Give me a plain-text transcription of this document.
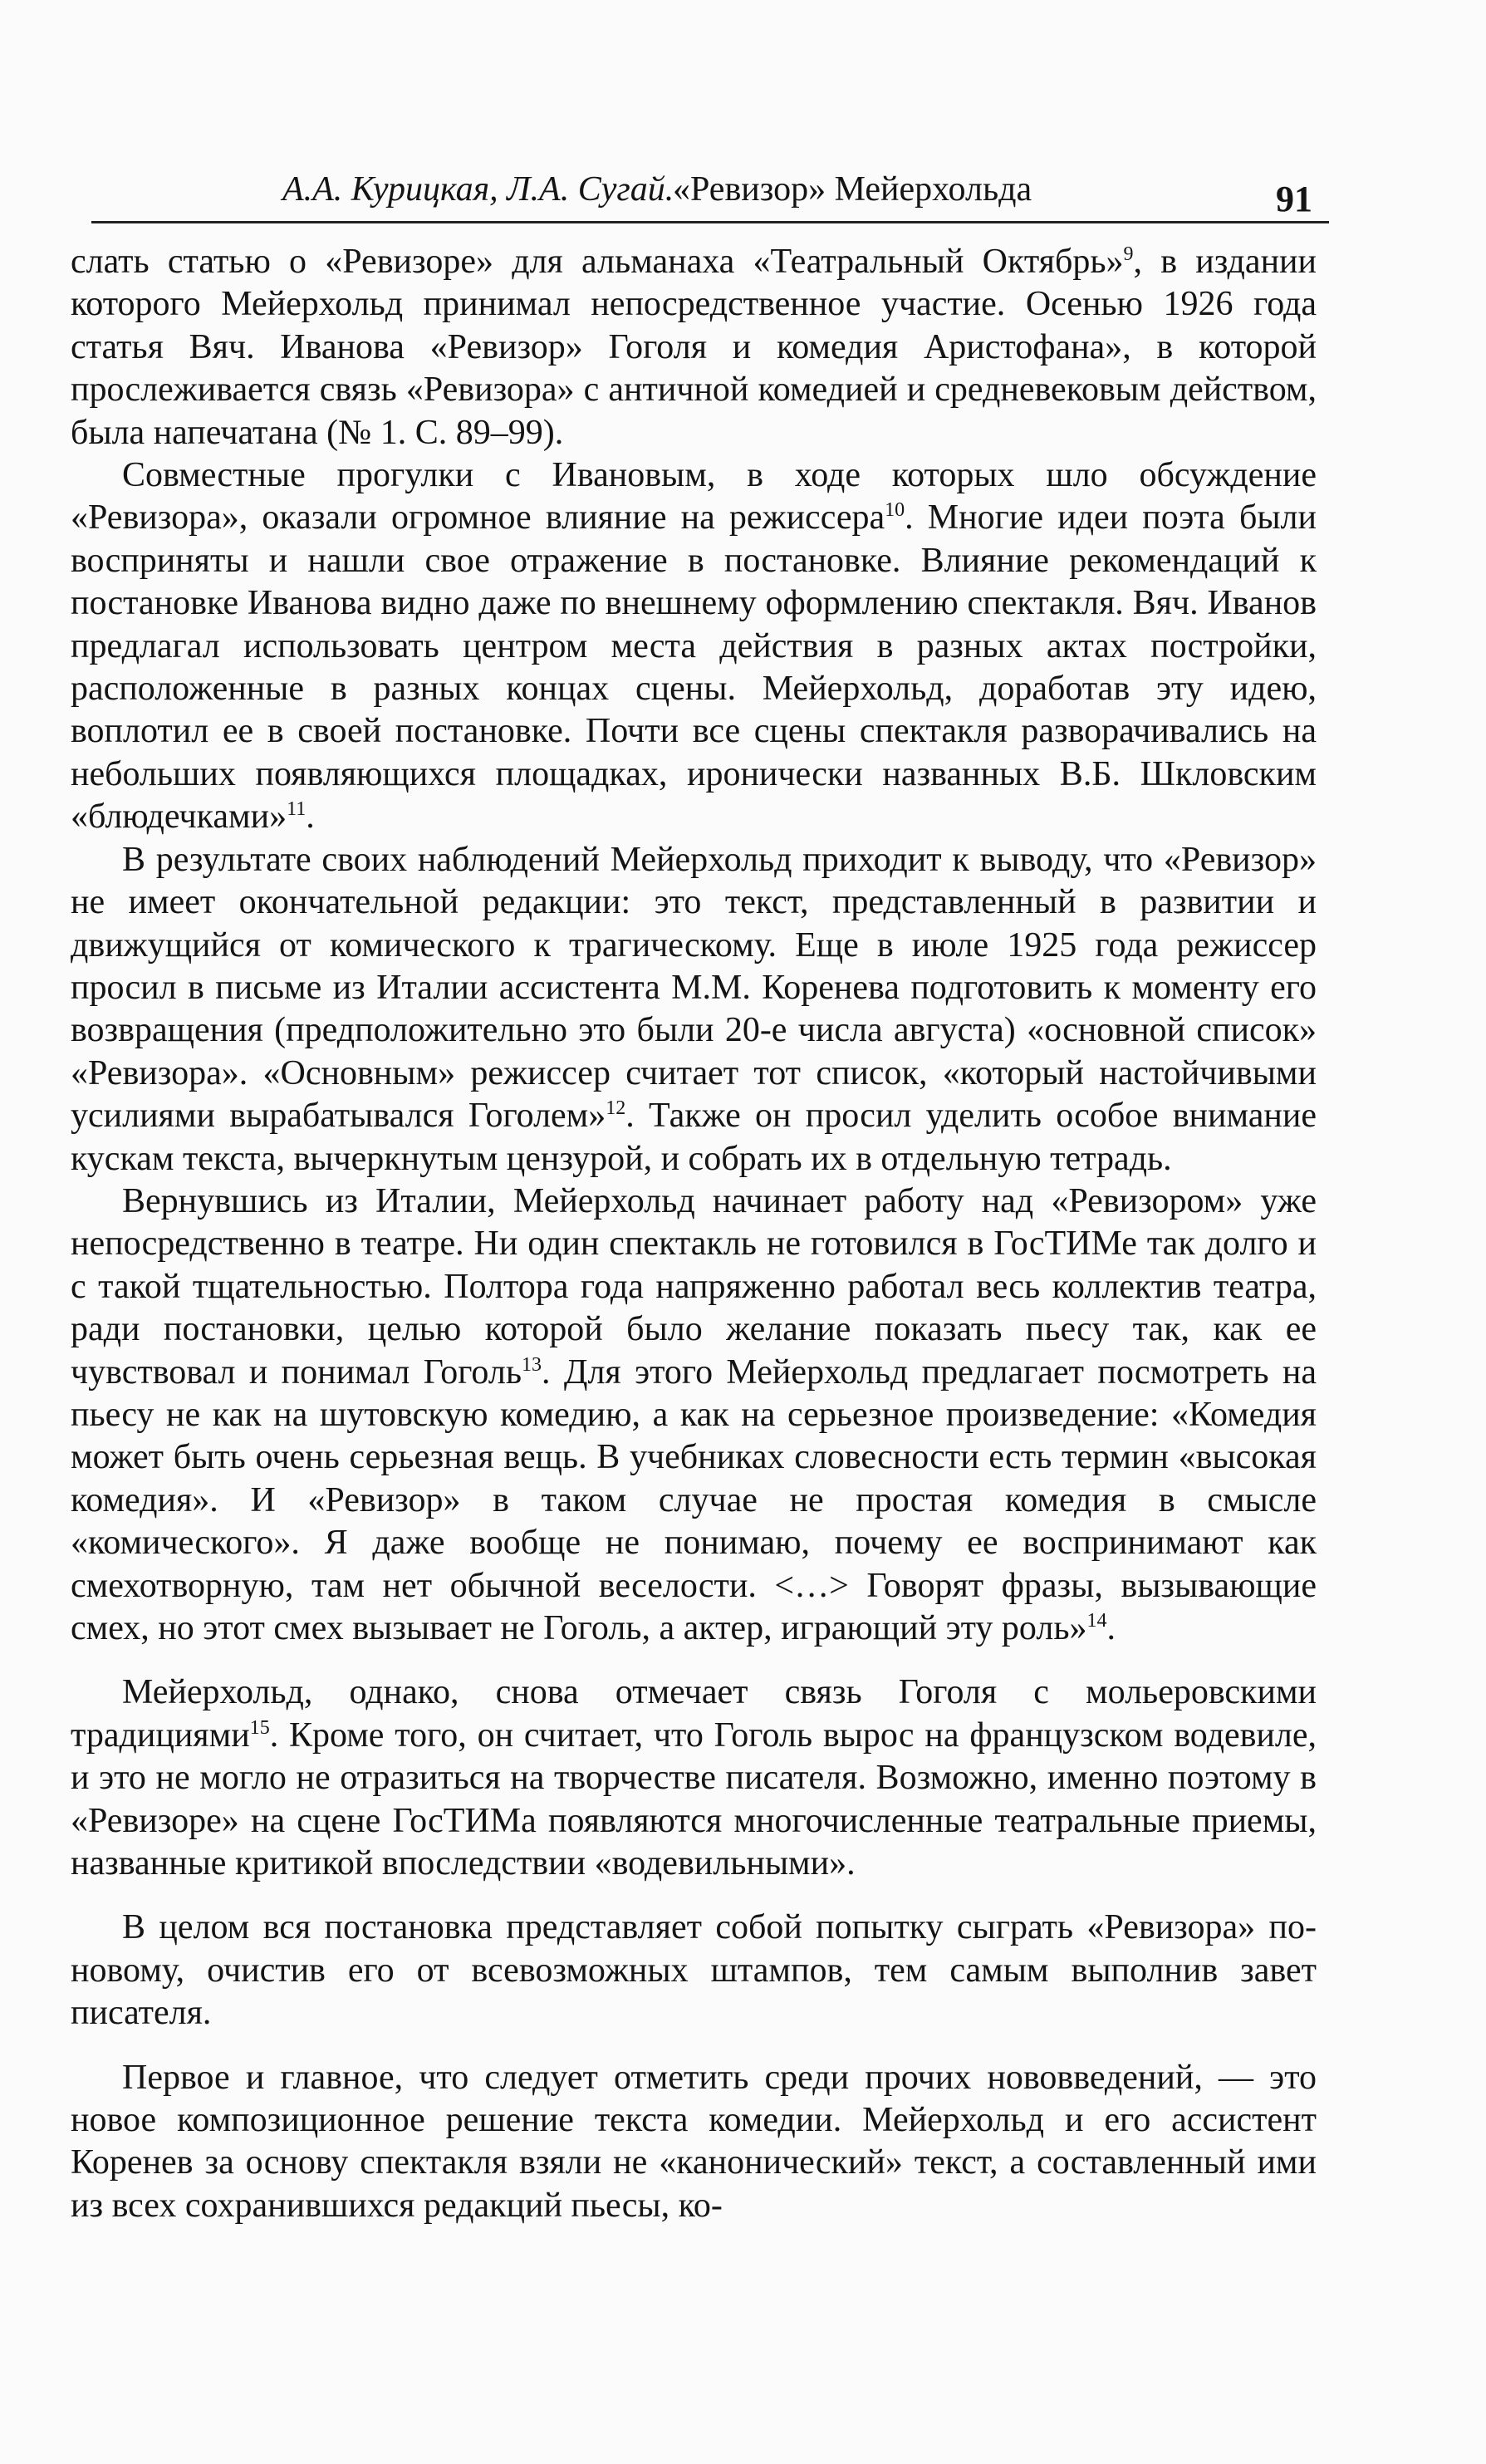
А.А. Курицкая, Л.А. Сугай.
«Ревизор» Мейерхольда	91

слать статью о «Ревизоре» для альманаха «Театральный Октябрь»$^9$, в издании которого Мейерхольд принимал непосредственное участие. Осенью 1926 года статья Вяч. Иванова «Ревизор» Гоголя и комедия Аристофана», в которой прослеживается связь «Ревизора» с античной комедией и средневековым действом, была напечатана (№ 1. С. 89–99).

Совместные прогулки с Ивановым, в ходе которых шло обсуждение «Ревизора», оказали огромное влияние на режиссера$^{10}$. Многие идеи поэта были восприняты и нашли свое отражение в постановке. Влияние рекомендаций к постановке Иванова видно даже по внешнему оформлению спектакля. Вяч. Иванов предлагал использовать центром места действия в разных актах постройки, расположенные в разных концах сцены. Мейерхольд, доработав эту идею, воплотил ее в своей постановке. Почти все сцены спектакля разворачивались на небольших появляющихся площадках, иронически названных В.Б. Шкловским «блюдечками»$^{11}$.

В результате своих наблюдений Мейерхольд приходит к выводу, что «Ревизор» не имеет окончательной редакции: это текст, представленный в развитии и движущийся от комического к трагическому. Еще в июле 1925 года режиссер просил в письме из Италии ассистента М.М. Коренева подготовить к моменту его возвращения (предположительно это были 20-е числа августа) «основной список» «Ревизора». «Основным» режиссер считает тот список, «который настойчивыми усилиями вырабатывался Гоголем»$^{12}$. Также он просил уделить особое внимание кускам текста, вычеркнутым цензурой, и собрать их в отдельную тетрадь.

Вернувшись из Италии, Мейерхольд начинает работу над «Ревизором» уже непосредственно в театре. Ни один спектакль не готовился в ГосТИМе так долго и с такой тщательностью. Полтора года напряженно работал весь коллектив театра, ради постановки, целью которой было желание показать пьесу так, как ее чувствовал и понимал Гоголь$^{13}$. Для этого Мейерхольд предлагает посмотреть на пьесу не как на шутовскую комедию, а как на серьезное произведение: «Комедия может быть очень серьезная вещь. В учебниках словесности есть термин «высокая комедия». И «Ревизор» в таком случае не простая комедия в смысле «комического». Я даже вообще не понимаю, почему ее воспринимают как смехотворную, там нет обычной веселости. <…> Говорят фразы, вызывающие смех, но этот смех вызывает не Гоголь, а актер, играющий эту роль»$^{14}$.

Мейерхольд, однако, снова отмечает связь Гоголя с мольеровскими традициями$^{15}$. Кроме того, он считает, что Гоголь вырос на французском водевиле, и это не могло не отразиться на творчестве писателя. Возможно, именно поэтому в «Ревизоре» на сцене ГосТИМа появляются многочисленные театральные приемы, названные критикой впоследствии «водевильными».

В целом вся постановка представляет собой попытку сыграть «Ревизора» по-новому, очистив его от всевозможных штампов, тем самым выполнив завет писателя.

Первое и главное, что следует отметить среди прочих нововведений, — это новое композиционное решение текста комедии. Мейерхольд и его ассистент Коренев за основу спектакля взяли не «канонический» текст, а составленный ими из всех сохранившихся редакций пьесы, ко-
